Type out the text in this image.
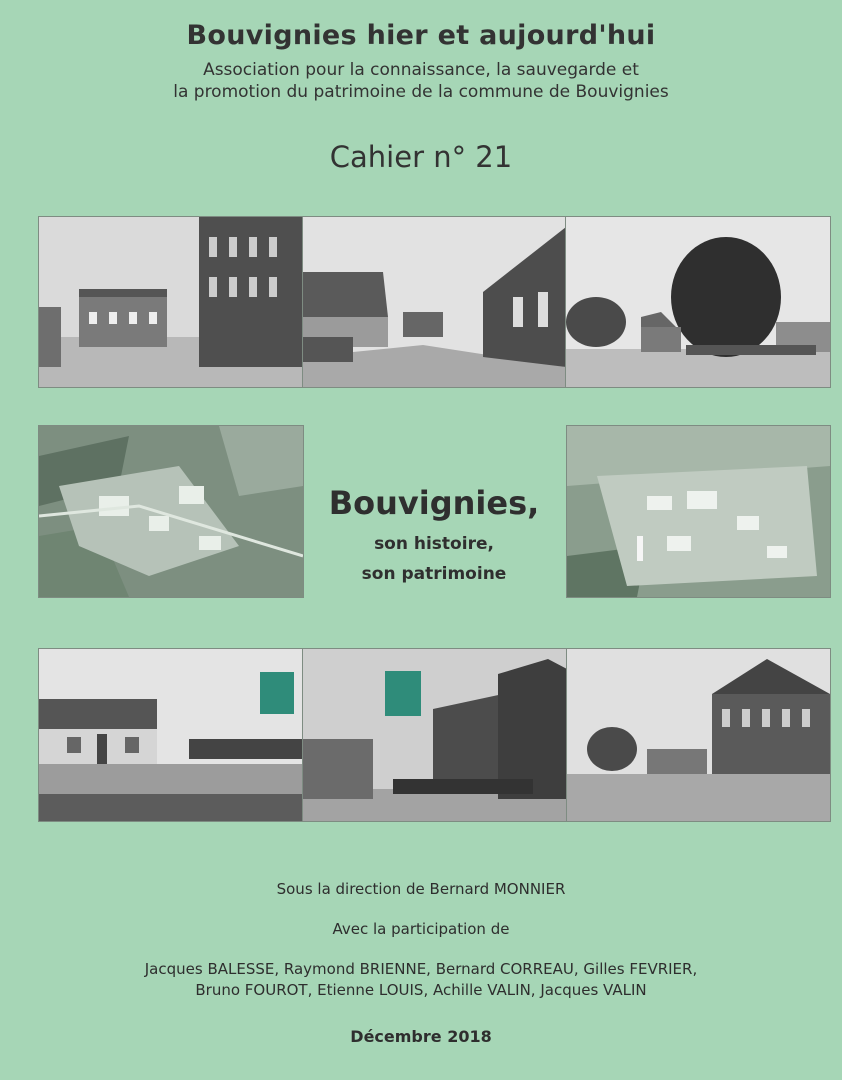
Bouvignies hier et aujourd'hui
Association pour la connaissance, la sauvegarde et
la promotion du patrimoine de la commune de Bouvignies
Cahier n° 21
Bouvignies,
son histoire,
son patrimoine
Sous la direction de Bernard MONNIER
Avec la participation de
Jacques BALESSE, Raymond BRIENNE, Bernard CORREAU, Gilles FEVRIER,
Bruno FOUROT, Etienne LOUIS, Achille VALIN, Jacques VALIN
Décembre 2018
